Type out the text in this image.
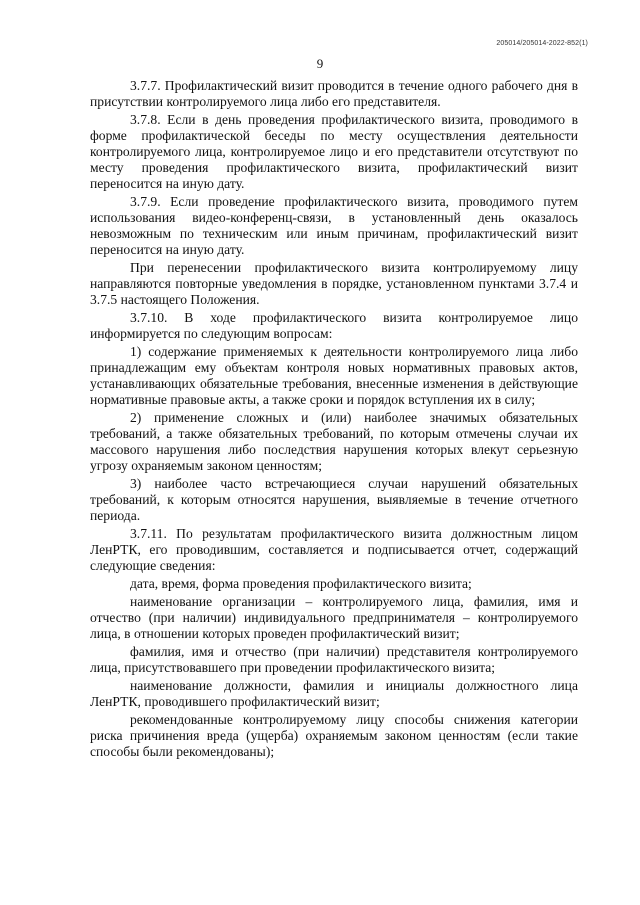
205014/205014-2022-852(1)
9

3.7.7. Профилактический визит проводится в течение одного рабочего дня в присутствии контролируемого лица либо его представителя.

3.7.8. Если в день проведения профилактического визита, проводимого в форме профилактической беседы по месту осуществления деятельности контролируемого лица, контролируемое лицо и его представители отсутствуют по месту проведения профилактического визита, профилактический визит переносится на иную дату.

3.7.9. Если проведение профилактического визита, проводимого путем использования видео-конференц-связи, в установленный день оказалось невозможным по техническим или иным причинам, профилактический визит переносится на иную дату.

При перенесении профилактического визита контролируемому лицу направляются повторные уведомления в порядке, установленном пунктами 3.7.4 и 3.7.5 настоящего Положения.

3.7.10. В ходе профилактического визита контролируемое лицо информируется по следующим вопросам:

1) содержание применяемых к деятельности контролируемого лица либо принадлежащим ему объектам контроля новых нормативных правовых актов, устанавливающих обязательные требования, внесенные изменения в действующие нормативные правовые акты, а также сроки и порядок вступления их в силу;

2) применение сложных и (или) наиболее значимых обязательных требований, а также обязательных требований, по которым отмечены случаи их массового нарушения либо последствия нарушения которых влекут серьезную угрозу охраняемым законом ценностям;

3) наиболее часто встречающиеся случаи нарушений обязательных требований, к которым относятся нарушения, выявляемые в течение отчетного периода.

3.7.11. По результатам профилактического визита должностным лицом ЛенРТК, его проводившим, составляется и подписывается отчет, содержащий следующие сведения:

дата, время, форма проведения профилактического визита;

наименование организации – контролируемого лица, фамилия, имя и отчество (при наличии) индивидуального предпринимателя – контролируемого лица, в отношении которых проведен профилактический визит;

фамилия, имя и отчество (при наличии) представителя контролируемого лица, присутствовавшего при проведении профилактического визита;

наименование должности, фамилия и инициалы должностного лица ЛенРТК, проводившего профилактический визит;

рекомендованные контролируемому лицу способы снижения категории риска причинения вреда (ущерба) охраняемым законом ценностям (если такие способы были рекомендованы);
